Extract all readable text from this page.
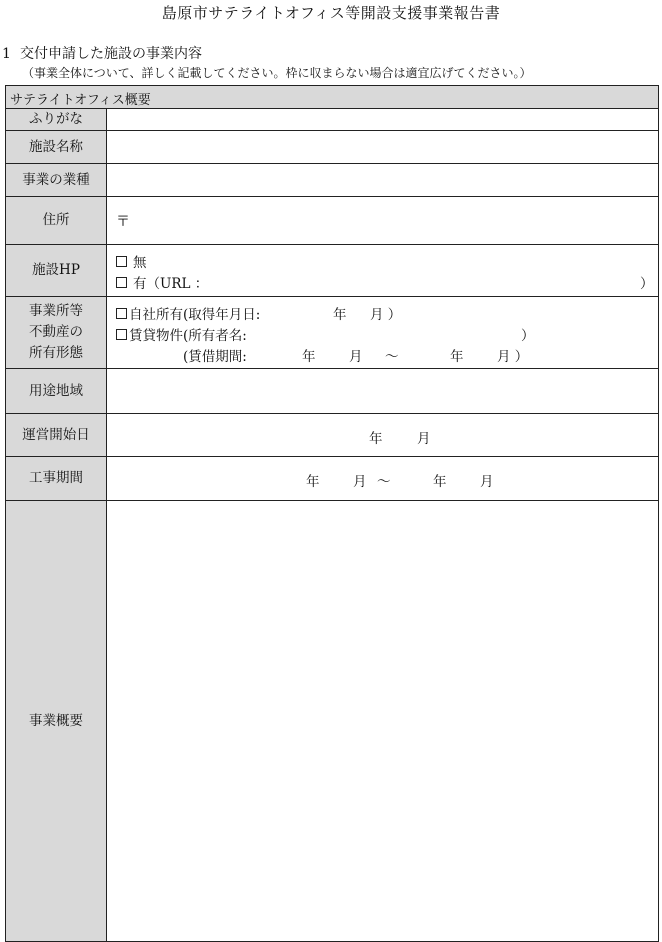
島原市サテライトオフィス等開設支援事業報告書
1 交付申請した施設の事業内容
（事業全体について、詳しく記載してください。枠に収まらない場合は適宜広げてください。）
サテライトオフィス概要
ふりがな
施設名称
事業の業種
住所	〒
施設HP	無
有（URL ：	）
事業所等
不動産の
所有形態
自社所有(取得年月日:	年 月 ）
賃貸物件(所有者名:	）
(賃借期間:	年 月 ～	年 月 ）
用途地域
運営開始日	年	月
工事期間	年 月 ～	年 月
事業概要
